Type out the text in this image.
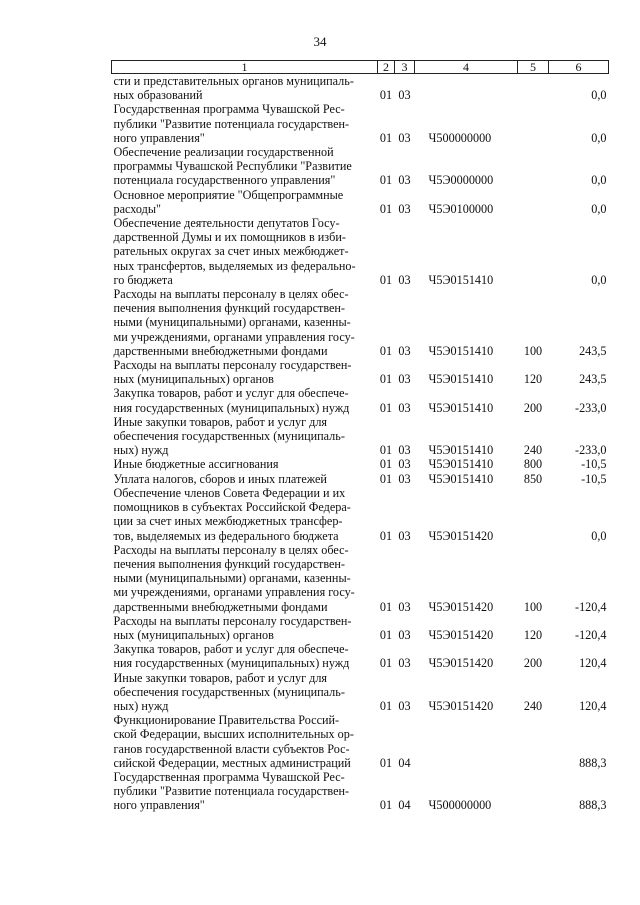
34
1	2	3	4	5	6

сти и представительных органов муниципаль-
ных образований	01	03			0,0

Государственная программа Чувашской Рес-
публики "Развитие потенциала государствен-
ного управления"	01	03	Ч500000000		0,0

Обеспечение реализации государственной
программы Чувашской Республики "Развитие
потенциала государственного управления"	01	03	Ч5Э0000000		0,0

Основное мероприятие "Общепрограммные
расходы"	01	03	Ч5Э0100000		0,0

Обеспечение деятельности депутатов Госу-
дарственной Думы и их помощников в изби-
рательных округах за счет иных межбюджет-
ных трансфертов, выделяемых из федерально-
го бюджета	01	03	Ч5Э0151410		0,0

Расходы на выплаты персоналу в целях обес-
печения выполнения функций государствен-
ными (муниципальными) органами, казенны-
ми учреждениями, органами управления госу-
дарственными внебюджетными фондами	01	03	Ч5Э0151410	100	243,5

Расходы на выплаты персоналу государствен-
ных (муниципальных) органов	01	03	Ч5Э0151410	120	243,5

Закупка товаров, работ и услуг для обеспече-
ния государственных (муниципальных) нужд	01	03	Ч5Э0151410	200	-233,0

Иные закупки товаров, работ и услуг для
обеспечения государственных (муниципаль-
ных) нужд	01	03	Ч5Э0151410	240	-233,0

Иные бюджетные ассигнования	01	03	Ч5Э0151410	800	-10,5

Уплата налогов, сборов и иных платежей	01	03	Ч5Э0151410	850	-10,5

Обеспечение членов Совета Федерации и их
помощников в субъектах Российской Федера-
ции за счет иных межбюджетных трансфер-
тов, выделяемых из федерального бюджета	01	03	Ч5Э0151420		0,0

Расходы на выплаты персоналу в целях обес-
печения выполнения функций государствен-
ными (муниципальными) органами, казенны-
ми учреждениями, органами управления госу-
дарственными внебюджетными фондами	01	03	Ч5Э0151420	100	-120,4

Расходы на выплаты персоналу государствен-
ных (муниципальных) органов	01	03	Ч5Э0151420	120	-120,4

Закупка товаров, работ и услуг для обеспече-
ния государственных (муниципальных) нужд	01	03	Ч5Э0151420	200	120,4

Иные закупки товаров, работ и услуг для
обеспечения государственных (муниципаль-
ных) нужд	01	03	Ч5Э0151420	240	120,4

Функционирование Правительства Россий-
ской Федерации, высших исполнительных ор-
ганов государственной власти субъектов Рос-
сийской Федерации, местных администраций	01	04			888,3

Государственная программа Чувашской Рес-
публики "Развитие потенциала государствен-
ного управления"	01	04	Ч500000000		888,3
